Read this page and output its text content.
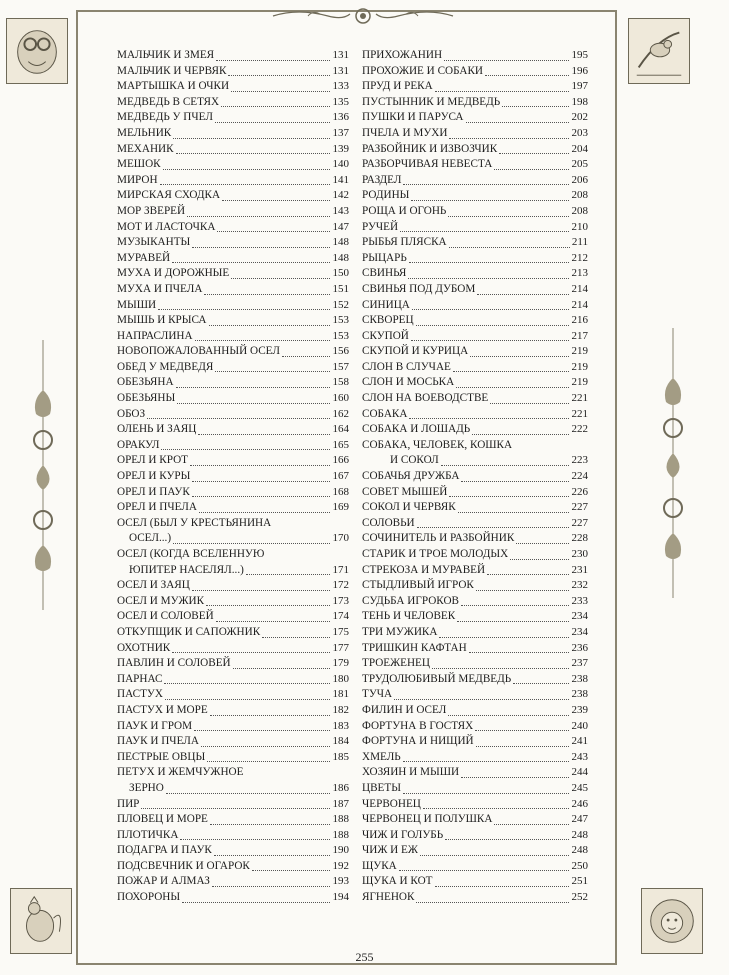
МАЛЬЧИК И ЗМЕЯ	131
МАЛЬЧИК И ЧЕРВЯК	131
МАРТЫШКА И ОЧКИ	133
МЕДВЕДЬ В СЕТЯХ	135
МЕДВЕДЬ У ПЧЕЛ	136
МЕЛЬНИК	137
МЕХАНИК	139
МЕШОК	140
МИРОН	141
МИРСКАЯ СХОДКА	142
МОР ЗВЕРЕЙ	143
МОТ И ЛАСТОЧКА	147
МУЗЫКАНТЫ	148
МУРАВЕЙ	148
МУХА И ДОРОЖНЫЕ	150
МУХА И ПЧЕЛА	151
МЫШИ	152
МЫШЬ И КРЫСА	153
НАПРАСЛИНА	153
НОВОПОЖАЛОВАННЫЙ ОСЕЛ	156
ОБЕД У МЕДВЕДЯ	157
ОБЕЗЬЯНА	158
ОБЕЗЬЯНЫ	160
ОБОЗ	162
ОЛЕНЬ И ЗАЯЦ	164
ОРАКУЛ	165
ОРЕЛ И КРОТ	166
ОРЕЛ И КУРЫ	167
ОРЕЛ И ПАУК	168
ОРЕЛ И ПЧЕЛА	169
ОСЕЛ (БЫЛ У КРЕСТЬЯНИНА
ОСЕЛ...)	170
ОСЕЛ (КОГДА ВСЕЛЕННУЮ
ЮПИТЕР НАСЕЛЯЛ...)	171
ОСЕЛ И ЗАЯЦ	172
ОСЕЛ И МУЖИК	173
ОСЕЛ И СОЛОВЕЙ	174
ОТКУПЩИК И САПОЖНИК	175
ОХОТНИК	177
ПАВЛИН И СОЛОВЕЙ	179
ПАРНАС	180
ПАСТУХ	181
ПАСТУХ И МОРЕ	182
ПАУК И ГРОМ	183
ПАУК И ПЧЕЛА	184
ПЕСТРЫЕ ОВЦЫ	185
ПЕТУХ И ЖЕМЧУЖНОЕ
ЗЕРНО	186
ПИР	187
ПЛОВЕЦ И МОРЕ	188
ПЛОТИЧКА	188
ПОДАГРА И ПАУК	190
ПОДСВЕЧНИК И ОГАРОК	192
ПОЖАР И АЛМАЗ	193
ПОХОРОНЫ	194
ПРИХОЖАНИН	195
ПРОХОЖИЕ И СОБАКИ	196
ПРУД И РЕКА	197
ПУСТЫННИК И МЕДВЕДЬ	198
ПУШКИ И ПАРУСА	202
ПЧЕЛА И МУХИ	203
РАЗБОЙНИК И ИЗВОЗЧИК	204
РАЗБОРЧИВАЯ НЕВЕСТА	205
РАЗДЕЛ	206
РОДИНЫ	208
РОЩА И ОГОНЬ	208
РУЧЕЙ	210
РЫБЬЯ ПЛЯСКА	211
РЫЦАРЬ	212
СВИНЬЯ	213
СВИНЬЯ ПОД ДУБОМ	214
СИНИЦА	214
СКВОРЕЦ	216
СКУПОЙ	217
СКУПОЙ И КУРИЦА	219
СЛОН В СЛУЧАЕ	219
СЛОН И МОСЬКА	219
СЛОН НА ВОЕВОДСТВЕ	221
СОБАКА	221
СОБАКА И ЛОШАДЬ	222
СОБАКА, ЧЕЛОВЕК, КОШКА
И СОКОЛ	223
СОБАЧЬЯ ДРУЖБА	224
СОВЕТ МЫШЕЙ	226
СОКОЛ И ЧЕРВЯК	227
СОЛОВЬИ	227
СОЧИНИТЕЛЬ И РАЗБОЙНИК	228
СТАРИК И ТРОЕ МОЛОДЫХ	230
СТРЕКОЗА И МУРАВЕЙ	231
СТЫДЛИВЫЙ ИГРОК	232
СУДЬБА ИГРОКОВ	233
ТЕНЬ И ЧЕЛОВЕК	234
ТРИ МУЖИКА	234
ТРИШКИН КАФТАН	236
ТРОЕЖЕНЕЦ	237
ТРУДОЛЮБИВЫЙ МЕДВЕДЬ	238
ТУЧА	238
ФИЛИН И ОСЕЛ	239
ФОРТУНА В ГОСТЯХ	240
ФОРТУНА И НИЩИЙ	241
ХМЕЛЬ	243
ХОЗЯИН И МЫШИ	244
ЦВЕТЫ	245
ЧЕРВОНЕЦ	246
ЧЕРВОНЕЦ И ПОЛУШКА	247
ЧИЖ И ГОЛУБЬ	248
ЧИЖ И ЕЖ	248
ЩУКА	250
ЩУКА И КОТ	251
ЯГНЕНОК	252
255
